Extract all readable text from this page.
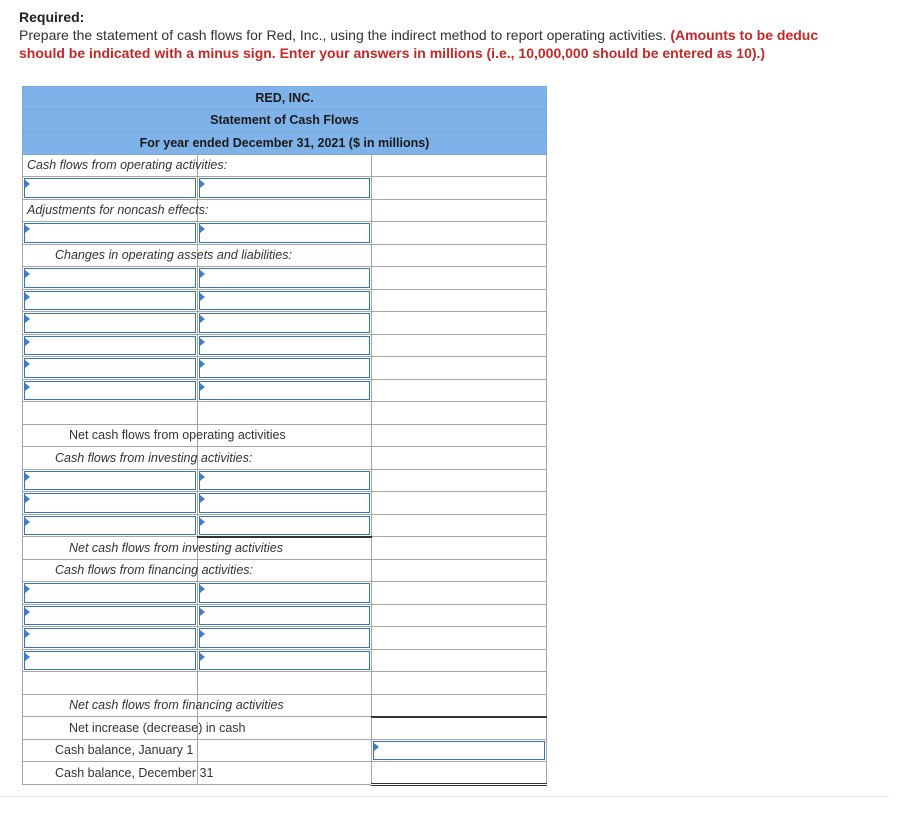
Required:
Prepare the statement of cash flows for Red, Inc., using the indirect method to report operating activities. (Amounts to be deduc
should be indicated with a minus sign. Enter your answers in millions (i.e., 10,000,000 should be entered as 10).)
RED, INC.		
Statement of Cash Flows		
For year ended December 31, 2021 ($ in millions)		
Cash flows from operating activities:		

Adjustments for noncash effects:		

Changes in operating assets and liabilities:		

Net cash flows from operating activities		
Cash flows from investing activities:		

Net cash flows from investing activities		
Cash flows from financing activities:		

Net cash flows from financing activities		
Net increase (decrease) in cash		
Cash balance, January 1		

Cash balance, December 31		
